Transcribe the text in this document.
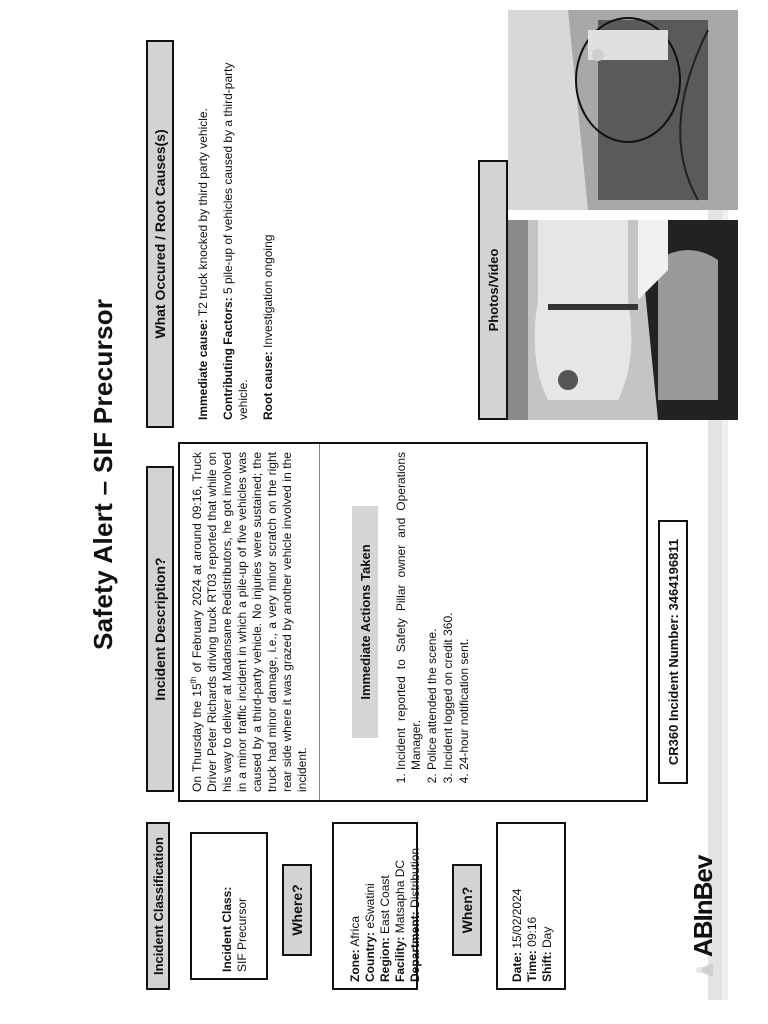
Safety Alert – SIF Precursor
Incident Classification	Incident Class: SIF Precursor	Where?
Zone: Africa
Country: eSwatini
Region: East Coast
Facility: Matsapha DC
Department: Distribution
When?
Date: 15/02/2024
Time: 09:16
Shift: Day	ABInBev
Incident Description?
On Thursday the 15th of February 2024 at around 09:16, Truck Driver Peter Richards driving truck RT03 reported that while on his way to deliver at Madansane Redistributors, he got involved in a minor traffic incident in which a pile-up of five vehicles was caused by a third-party vehicle. No injuries were sustained; the truck had minor damage, i.e., a very minor scratch on the right rear side where it was grazed by another vehicle involved in the incident.
Immediate Actions Taken	1. Incident reported to Safety Pillar owner and Operations Manager. 2. Police attended the scene. 3. Incident logged on credit 360. 4. 24-hour notification sent.	CR360 Incident Number: 3464196811
What Occured / Root Causes(s)
Immediate cause: T2 truck knocked by third party vehicle.
Contributing Factors: 5 pile-up of vehicles caused by a third-party vehicle. Root cause: Investigation ongoing	Photos/Video
